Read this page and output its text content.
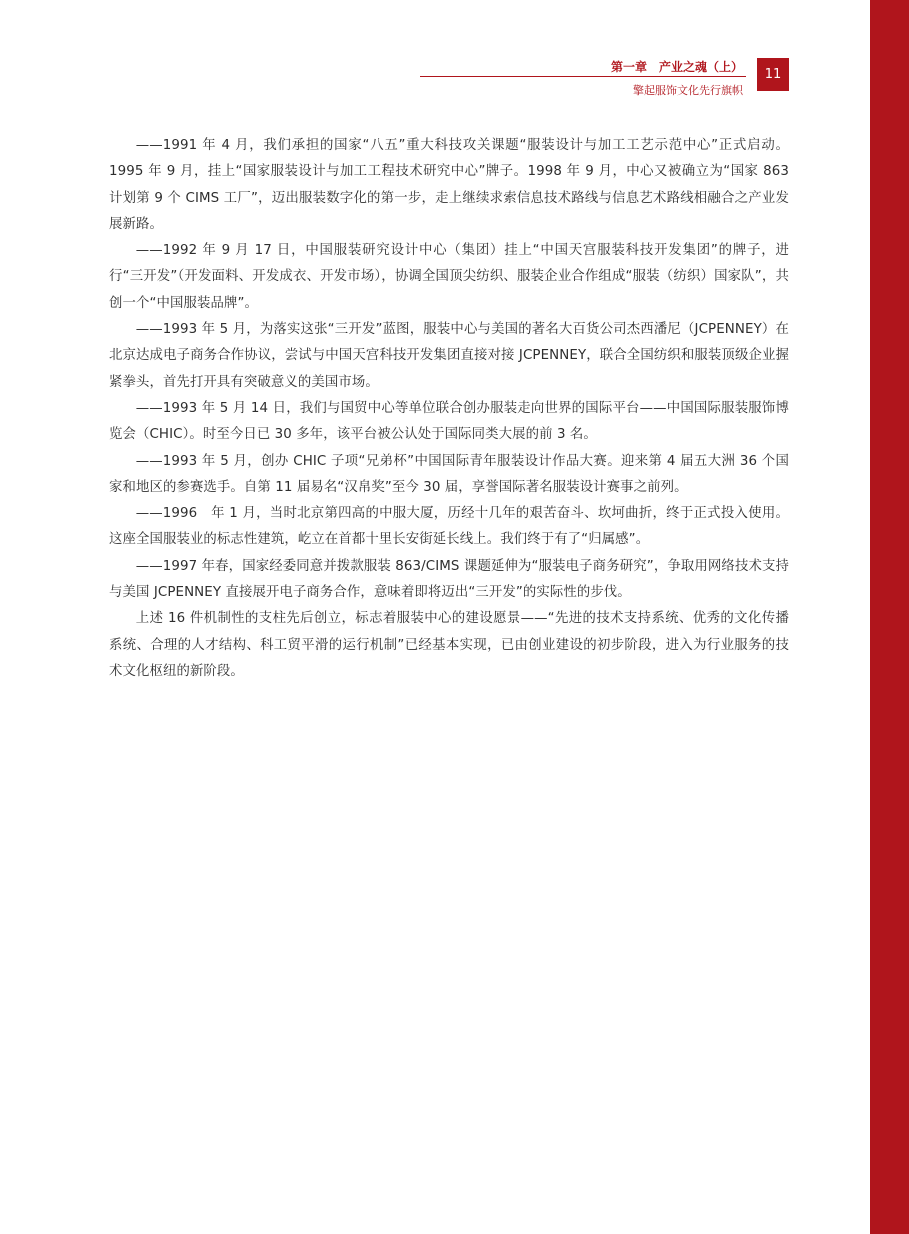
第一章　产业之魂（上）
擎起服饰文化先行旗帜
11

——1991 年 4 月，我们承担的国家“八五”重大科技攻关课题“服装设计与加工工艺示范中心”正式启动。1995 年 9 月，挂上“国家服装设计与加工工程技术研究中心”牌子。1998 年 9 月，中心又被确立为“国家 863 计划第 9 个 CIMS 工厂”，迈出服装数字化的第一步，走上继续求索信息技术路线与信息艺术路线相融合之产业发展新路。

——1992 年 9 月 17 日，中国服装研究设计中心（集团）挂上“中国天宫服装科技开发集团”的牌子，进行“三开发”（开发面料、开发成衣、开发市场），协调全国顶尖纺织、服装企业合作组成“服装（纺织）国家队”，共创一个“中国服装品牌”。

——1993 年 5 月，为落实这张“三开发”蓝图，服装中心与美国的著名大百货公司杰西潘尼（JCPENNEY）在北京达成电子商务合作协议，尝试与中国天宫科技开发集团直接对接 JCPENNEY，联合全国纺织和服装顶级企业握紧拳头，首先打开具有突破意义的美国市场。

——1993 年 5 月 14 日，我们与国贸中心等单位联合创办服装走向世界的国际平台——中国国际服装服饰博览会（CHIC）。时至今日已 30 多年，该平台被公认处于国际同类大展的前 3 名。

——1993 年 5 月，创办 CHIC 子项“兄弟杯”中国国际青年服装设计作品大赛。迎来第 4 届五大洲 36 个国家和地区的参赛选手。自第 11 届易名“汉帛奖”至今 30 届，享誉国际著名服装设计赛事之前列。

——1996　年 1 月，当时北京第四高的中服大厦，历经十几年的艰苦奋斗、坎坷曲折，终于正式投入使用。这座全国服装业的标志性建筑，屹立在首都十里长安街延长线上。我们终于有了“归属感”。

——1997 年春，国家经委同意并拨款服装 863/CIMS 课题延伸为“服装电子商务研究”，争取用网络技术支持与美国 JCPENNEY 直接展开电子商务合作，意味着即将迈出“三开发”的实际性的步伐。

上述 16 件机制性的支柱先后创立，标志着服装中心的建设愿景——“先进的技术支持系统、优秀的文化传播系统、合理的人才结构、科工贸平滑的运行机制”已经基本实现，已由创业建设的初步阶段，进入为行业服务的技术文化枢纽的新阶段。
